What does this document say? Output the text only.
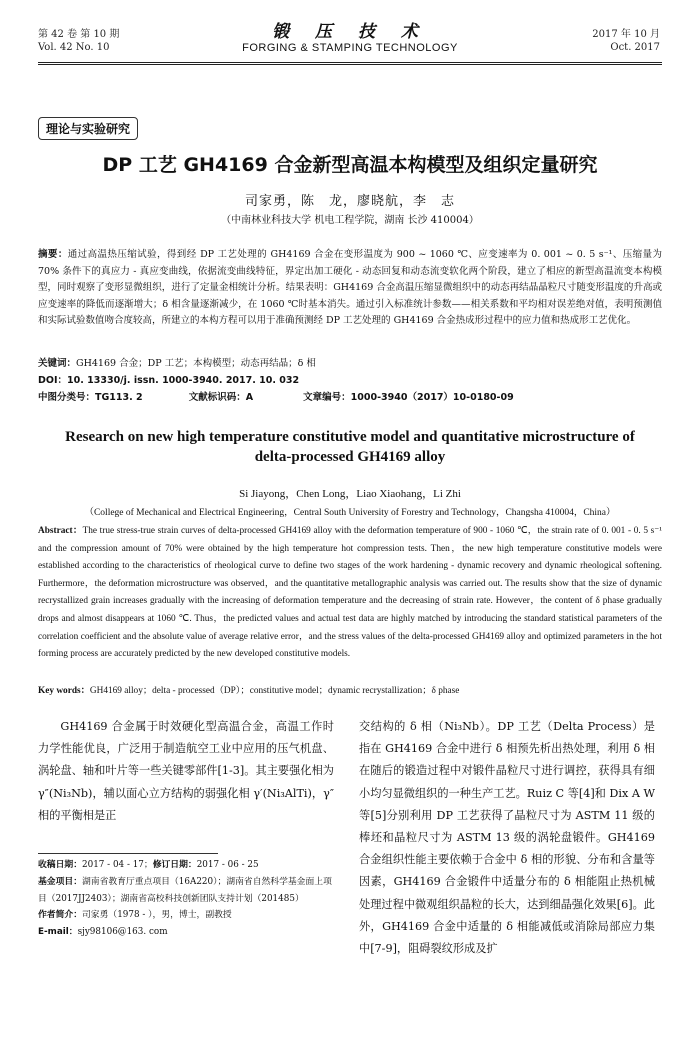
第 42 卷 第 10 期
Vol. 42 No. 10
锻 压 技 术
FORGING & STAMPING TECHNOLOGY
2017 年 10 月
Oct. 2017
理论与实验研究
DP 工艺 GH4169 合金新型高温本构模型及组织定量研究
司家勇，陈　龙，廖晓航，李　志
（中南林业科技大学 机电工程学院，湖南 长沙 410004）
摘要：通过高温热压缩试验，得到经 DP 工艺处理的 GH4169 合金在变形温度为 900 ~ 1060 ℃、应变速率为 0. 001 ~ 0. 5 s⁻¹、压缩量为 70% 条件下的真应力 - 真应变曲线，依据流变曲线特征，界定出加工硬化 - 动态回复和动态流变软化两个阶段，建立了相应的新型高温流变本构模型，同时观察了变形显微组织，进行了定量金相统计分析。结果表明：GH4169 合金高温压缩显微组织中的动态再结晶晶粒尺寸随变形温度的升高或应变速率的降低而逐渐增大；δ 相含量逐渐减少，在 1060 ℃时基本消失。通过引入标准统计参数——相关系数和平均相对误差绝对值，表明预测值和实际试验数值吻合度较高，所建立的本构方程可以用于准确预测经 DP 工艺处理的 GH4169 合金热成形过程中的应力值和热成形工艺优化。
关键词：GH4169 合金；DP 工艺；本构模型；动态再结晶；δ 相
DOI：10. 13330/j. issn. 1000-3940. 2017. 10. 032
中图分类号：TG113. 2	文献标识码：A	文章编号：1000-3940（2017）10-0180-09
Research on new high temperature constitutive model and quantitative microstructure of delta-processed GH4169 alloy
Si Jiayong，Chen Long，Liao Xiaohang，Li Zhi
（College of Mechanical and Electrical Engineering，Central South University of Forestry and Technology，Changsha 410004，China）
Abstract：The true stress-true strain curves of delta-processed GH4169 alloy with the deformation temperature of 900 - 1060 ℃，the strain rate of 0. 001 - 0. 5 s⁻¹ and the compression amount of 70% were obtained by the high temperature hot compression tests. Then，the new high temperature constitutive models were established according to the characteristics of rheological curve to define two stages of the work hardening - dynamic recovery and dynamic rheological softening. Furthermore，the deformation microstructure was observed，and the quantitative metallographic analysis was carried out. The results show that the size of dynamic recrystallized grain increases gradually with the increasing of deformation temperature and the decreasing of strain rate. However，the content of δ phase gradually drops and almost disappears at 1060 ℃. Thus，the predicted values and actual test data are highly matched by introducing the standard statistical parameters of the correlation coefficient and the absolute value of average relative error，and the stress values of the delta-processed GH4169 alloy and optimized parameters in the hot forming process are accurately predicted by the new developed constitutive models.
Key words：GH4169 alloy；delta - processed（DP）；constitutive model；dynamic recrystallization；δ phase
GH4169 合金属于时效硬化型高温合金，高温工作时力学性能优良，广泛用于制造航空工业中应用的压气机盘、涡轮盘、轴和叶片等一些关键零部件[1-3]。其主要强化相为 γ″(Ni₃Nb)，辅以面心立方结构的弱强化相 γ′(Ni₃AlTi)，γ″相的平衡相是正
交结构的 δ 相（Ni₃Nb）。DP 工艺（Delta Process）是指在 GH4169 合金中进行 δ 相预先析出热处理，利用 δ 相在随后的锻造过程中对锻件晶粒尺寸进行调控，获得具有细小均匀显微组织的一种生产工艺。Ruiz C 等[4]和 Dix A W 等[5]分别利用 DP 工艺获得了晶粒尺寸为 ASTM 11 级的棒坯和晶粒尺寸为 ASTM 13 级的涡轮盘锻件。GH4169 合金组织性能主要依赖于合金中 δ 相的形貌、分布和含量等因素，GH4169 合金锻件中适量分布的 δ 相能阻止热机械处理过程中微观组织晶粒的长大，达到细晶强化效果[6]。此外，GH4169 合金中适量的 δ 相能减低或消除局部应力集中[7-9]，阻碍裂纹形成及扩
收稿日期：2017 - 04 - 17；修订日期：2017 - 06 - 25
基金项目：湖南省教育厅重点项目（16A220）；湖南省自然科学基金面上项目（2017JJ2403）；湖南省高校科技创新团队支持计划（201485）
作者简介：司家勇（1978 - ），男，博士，副教授
E-mail：sjy98106@163. com
